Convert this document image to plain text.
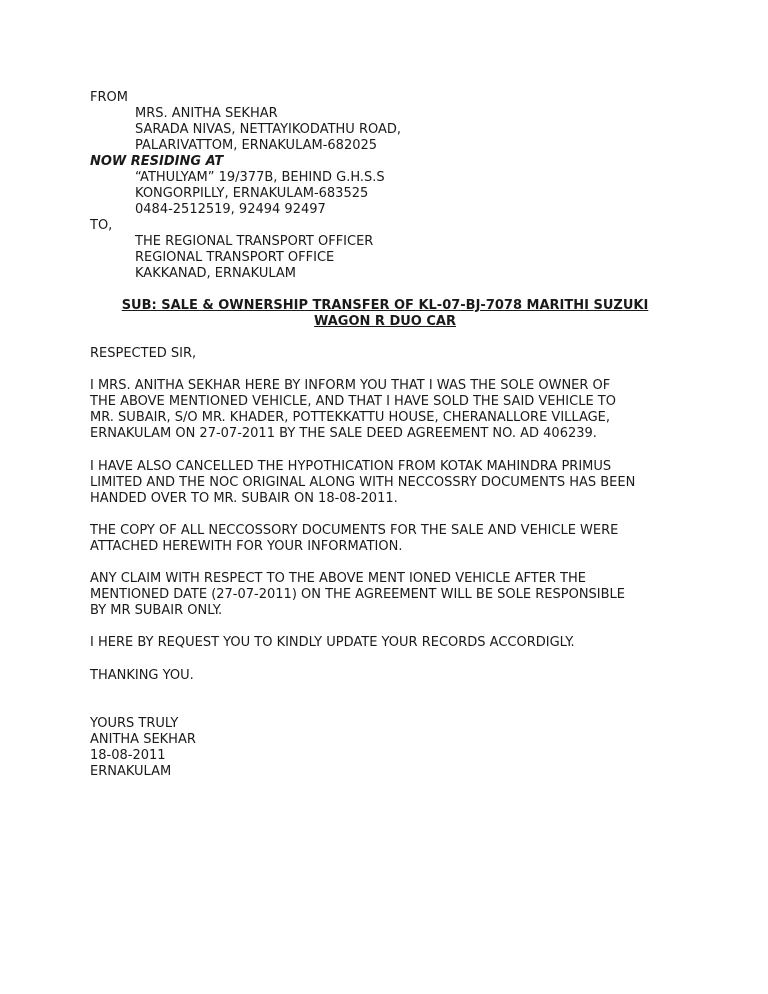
FROM
MRS. ANITHA SEKHAR
SARADA NIVAS, NETTAYIKODATHU ROAD,
PALARIVATTOM, ERNAKULAM-682025
NOW RESIDING AT
“ATHULYAM” 19/377B, BEHIND G.H.S.S
KONGORPILLY, ERNAKULAM-683525
0484-2512519, 92494 92497
TO,
THE REGIONAL TRANSPORT OFFICER
REGIONAL TRANSPORT OFFICE
KAKKANAD, ERNAKULAM
SUB: SALE & OWNERSHIP TRANSFER OF KL-07-BJ-7078 MARITHI SUZUKI
WAGON R DUO CAR
RESPECTED SIR,
I MRS. ANITHA SEKHAR HERE BY INFORM YOU THAT I WAS THE SOLE OWNER OF
THE ABOVE MENTIONED VEHICLE, AND THAT I HAVE SOLD THE SAID VEHICLE TO
MR. SUBAIR, S/O MR. KHADER, POTTEKKATTU HOUSE, CHERANALLORE VILLAGE,
ERNAKULAM ON 27-07-2011 BY THE SALE DEED AGREEMENT NO. AD 406239.
I HAVE ALSO CANCELLED THE HYPOTHICATION FROM KOTAK MAHINDRA PRIMUS
LIMITED AND THE NOC ORIGINAL ALONG WITH NECCOSSRY DOCUMENTS HAS BEEN
HANDED OVER TO MR. SUBAIR ON 18-08-2011.
THE COPY OF ALL NECCOSSORY DOCUMENTS FOR THE SALE AND VEHICLE WERE
ATTACHED HEREWITH FOR YOUR INFORMATION.
ANY CLAIM WITH RESPECT TO THE ABOVE MENT IONED VEHICLE AFTER THE
MENTIONED DATE (27-07-2011) ON THE AGREEMENT WILL BE SOLE RESPONSIBLE
BY MR SUBAIR ONLY.
I HERE BY REQUEST YOU TO KINDLY UPDATE YOUR RECORDS ACCORDIGLY.
THANKING YOU.
YOURS TRULY
ANITHA SEKHAR
18-08-2011
ERNAKULAM
